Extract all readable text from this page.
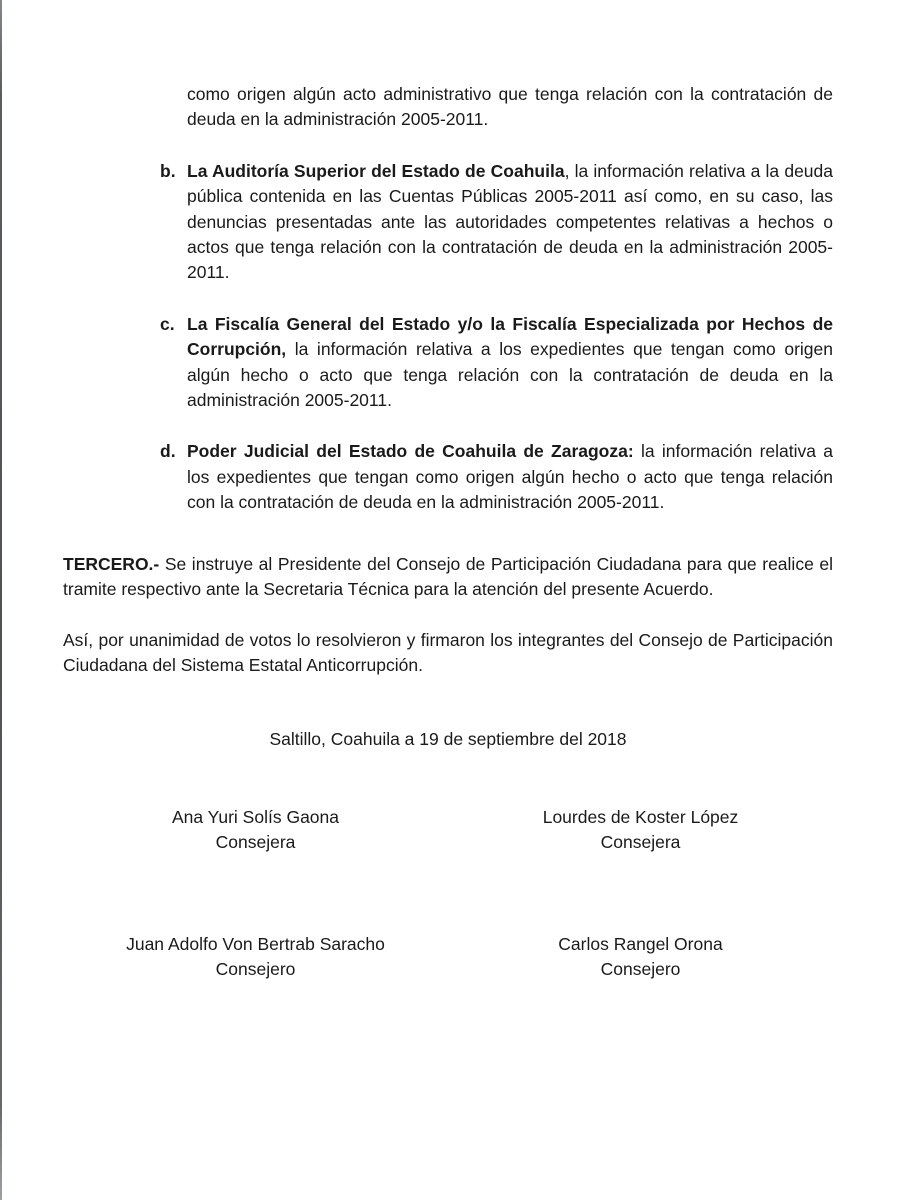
como origen algún acto administrativo que tenga relación con la contratación de deuda en la administración 2005-2011.

b. La Auditoría Superior del Estado de Coahuila, la información relativa a la deuda pública contenida en las Cuentas Públicas 2005-2011 así como, en su caso, las denuncias presentadas ante las autoridades competentes relativas a hechos o actos que tenga relación con la contratación de deuda en la administración 2005-2011.

c. La Fiscalía General del Estado y/o la Fiscalía Especializada por Hechos de Corrupción, la información relativa a los expedientes que tengan como origen algún hecho o acto que tenga relación con la contratación de deuda en la administración 2005-2011.

d. Poder Judicial del Estado de Coahuila de Zaragoza: la información relativa a los expedientes que tengan como origen algún hecho o acto que tenga relación con la contratación de deuda en la administración 2005-2011.

TERCERO.- Se instruye al Presidente del Consejo de Participación Ciudadana para que realice el tramite respectivo ante la Secretaria Técnica para la atención del presente Acuerdo.

Así, por unanimidad de votos lo resolvieron y firmaron los integrantes del Consejo de Participación Ciudadana del Sistema Estatal Anticorrupción.

Saltillo, Coahuila a 19 de septiembre del 2018
Ana Yuri Solís Gaona
Consejera
Lourdes de Koster López
Consejera
Juan Adolfo Von Bertrab Saracho
Consejero
Carlos Rangel Orona
Consejero
